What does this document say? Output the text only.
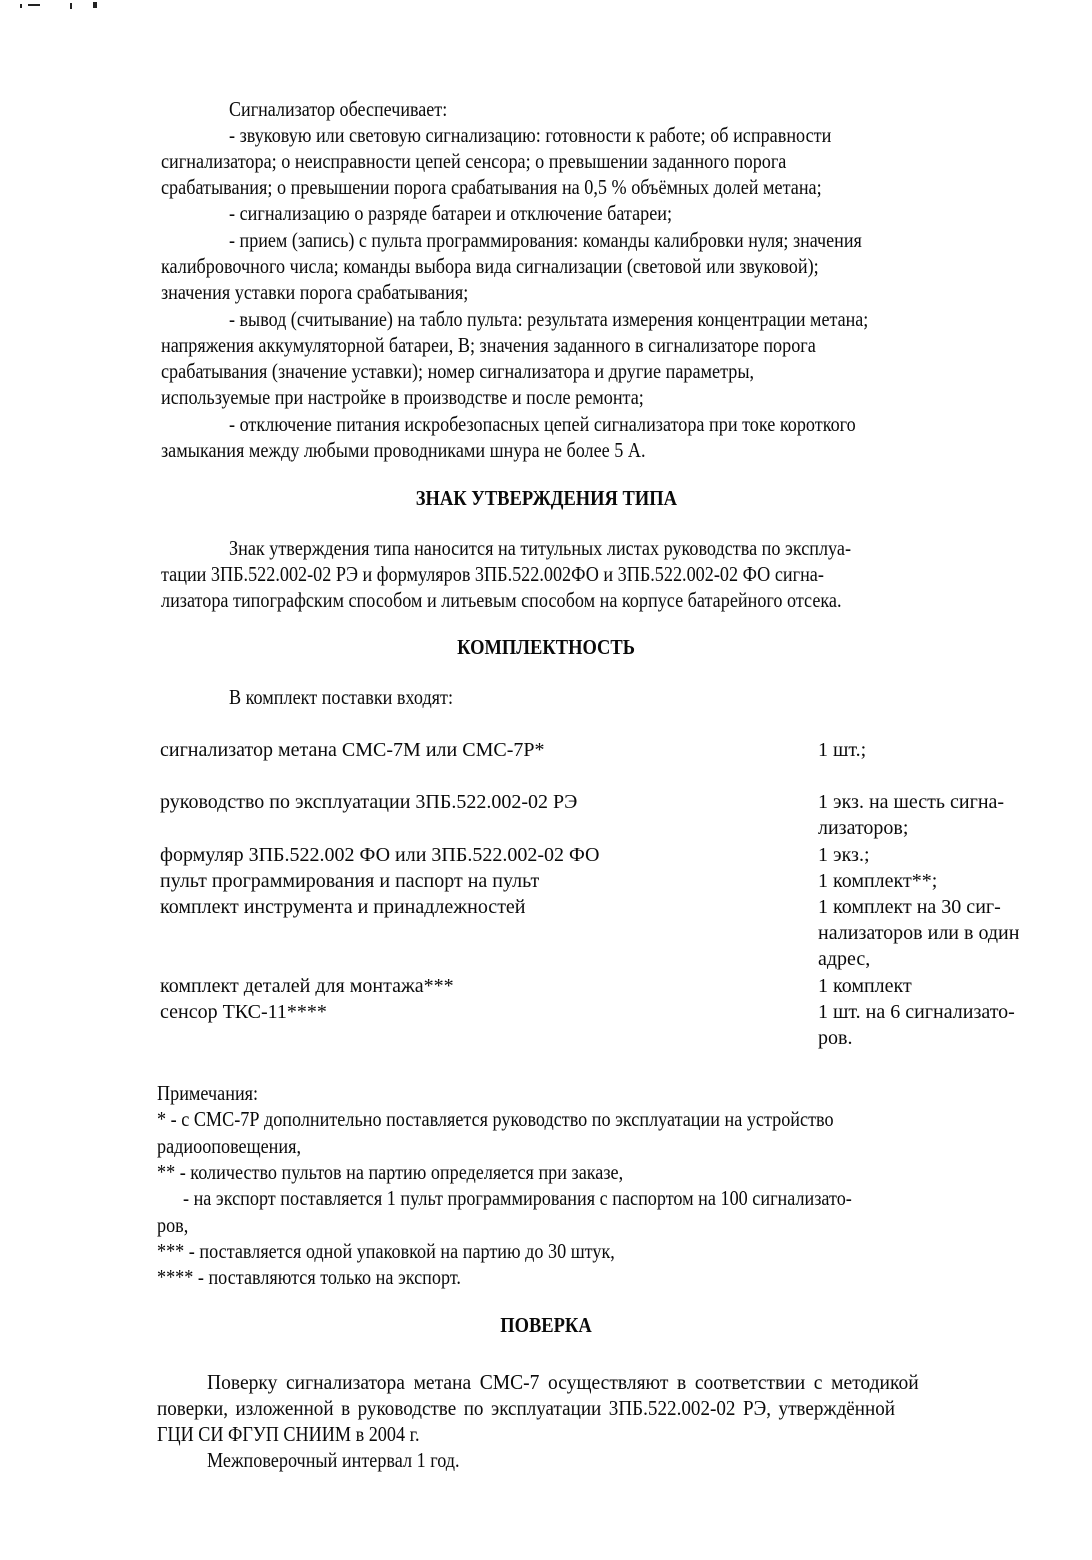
Сигнализатор обеспечивает:
- звуковую или световую сигнализацию: готовности к работе; об исправности
сигнализатора; о неисправности цепей сенсора; о превышении заданного порога
срабатывания; о превышении порога срабатывания на 0,5 % объёмных долей метана;
- сигнализацию о разряде батареи и отключение батареи;
- прием (запись) с пульта программирования: команды калибровки нуля; значения
калибровочного числа; команды выбора вида сигнализации (световой или звуковой);
значения уставки порога срабатывания;
- вывод (считывание) на табло пульта: результата измерения концентрации метана;
напряжения аккумуляторной батареи, В; значения заданного в сигнализаторе порога
срабатывания (значение уставки); номер сигнализатора и другие параметры,
используемые при настройке в производстве и после ремонта;
- отключение питания искробезопасных цепей сигнализатора при токе короткого
замыкания между любыми проводниками шнура не более 5 А.
ЗНАК УТВЕРЖДЕНИЯ ТИПА
Знак утверждения типа наносится на титульных листах руководства по эксплуа-
тации 3ПБ.522.002-02 РЭ и формуляров 3ПБ.522.002ФО и 3ПБ.522.002-02 ФО сигна-
лизатора типографским способом и литьевым способом на корпусе батарейного отсека.
КОМПЛЕКТНОСТЬ
В комплект поставки входят:
сигнализатор метана СМС-7М или СМС-7Р*	1 шт.;
руководство по эксплуатации 3ПБ.522.002-02 РЭ	1 экз. на шесть сигна-
лизаторов;
формуляр 3ПБ.522.002 ФО или 3ПБ.522.002-02 ФО	1 экз.;
пульт программирования и паспорт на пульт	1 комплект**;
комплект инструмента и принадлежностей	1 комплект на 30 сиг-
нализаторов или в один
адрес,
комплект деталей для монтажа***	1 комплект
сенсор ТКС-11****	1 шт. на 6 сигнализато-
ров.
Примечания:
* - с СМС-7Р дополнительно поставляется руководство по эксплуатации на устройство
радиооповещения,
** - количество пультов на партию определяется при заказе,
- на экспорт поставляется 1 пульт программирования с паспортом на 100 сигнализато-
ров,
*** - поставляется одной упаковкой на партию до 30 штук,
**** - поставляются только на экспорт.
ПОВЕРКА
Поверку сигнализатора метана СМС-7 осуществляют в соответствии с методикой
поверки, изложенной в руководстве по эксплуатации 3ПБ.522.002-02 РЭ, утверждённой
ГЦИ СИ ФГУП СНИИМ в 2004 г.
Межповерочный интервал 1 год.
